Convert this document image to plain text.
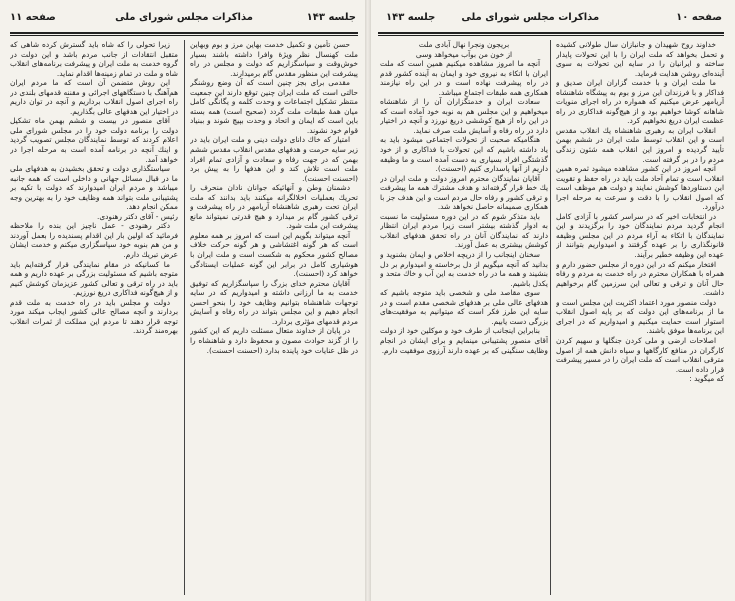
صفحه ۱۱	مذاكرات مجلس شوراى ملى	جلسه ۱۴۳

حسن تأمين و تكميل خدمت بهاين مرز و بوم وبهاين ملت كهنسال نظر ويژهٔ وافرا داشته باشند بسيار خوش‌وقت و سپاسگزاريم كه دولت و مجلس در راه پيشرفت اين منظور مقدس گام برميدارند.

مقدمى براى بجز چنين است كه آن وضع روشنگر حالتى است كه ملت ايران چنين توقع دارند اين جمعيت منتظر تشكيل اجتماعات و وحدت كلمه و يگانگى كامل ميان همهٔ طبقات ملت گردد (صحيح است) همه بسته باين است كه ايمان و اتحاد و وحدت بپيچ شوند و ببنياد قوام خود نشوند.

امتيار كه خاك داناى دولت دينى و ملت ايران بايد در زير سايه حرمت و هدفهاى مقدس انقلاب مقدس ششم بهمن كه در جهت رفاه و سعادت و آزادى تمام افراد ملت است تلاش كند و اين هدفها را به پيش برد (احسنت احسنت).

دشمنان وطن و آنهائيكه جوانان نادان منحرف را تحريك بعمليات اخلالگرانه ميكنند بايد بدانند كه ملت ايران تحت رهبرى شاهنشاه آريامهر در راه پيشرفت و ترقى كشور گام بر ميدارد و هيچ قدرتى نميتواند مانع پيشرفت اين ملت شود.

آنچه ميتواند بگويم اين است كه امروز بر همه معلوم است كه هر گونه اغتشاشى و هر گونه حركت خلاف مصالح كشور محكوم به شكست است و ملت ايران با هوشيارى كامل در برابر اين گونه عمليات ايستادگى خواهد كرد (احسنت).

آقايان محترم خداى بزرگ را سپاسگزاريم كه توفيق خدمت به ما ارزانى داشته و اميدواريم كه در سايه توجهات شاهنشاه بتوانيم وظايف خود را بنحو احسن انجام دهيم و اين مجلس بتواند در راه رفاه و آسايش مردم قدمهاى مؤثرى بردارد.

در پايان از خداوند متعال مسئلت داريم كه اين كشور را از گزند حوادث مصون و محفوظ دارد و شاهنشاه را در ظل عنايات خود پاينده بدارد (احسنت احسنت).

زيرا تحولى را كه شاه بايد گسترش كرده شاهى كه متقبل انتقادات از جانب مردم باشد و اين دولت در گروه خدمت به ملت ايران و پيشرفت برنامه‌هاى انقلاب شاه و ملت در تمام زمينه‌ها اقدام نمايد.

اين روش متضمن آن است كه ما مردم ايران هم‌آهنگ با دستگاههاى اجرائى و مقننه قدمهاى بلندى در راه اجراى اصول انقلاب برداريم و آنچه در توان داريم در اختيار اين هدفهاى عالى بگذاريم.

آقاى منصور در بيست و ششم بهمن ماه تشكيل دولت را برنامه دولت خود را در مجلس شوراى ملى اعلام كردند كه توسط نمايندگان مجلس تصويب گرديد و اينك آنچه در برنامه آمده است به مرحله اجرا در خواهد آمد.

سياستگذارى دولت و تحقق بخشيدن به هدفهاى ملى ما در قبال مسائل جهانى و داخلى است كه همه جانبه ميباشد و مردم ايران اميدوارند كه دولت با تكيه بر پشتيبانى ملت بتواند همه وظايف خود را به بهترين وجه ممكن انجام دهد.

رئيس - آقاى دكتر رهنودى.

دكتر رهنودى - عمل ناچيز اين بنده را ملاحظه فرمائيد كه اولين بار اين اقدام پسنديده را بعمل آوردند و من هم بنوبه خود سپاسگزارى ميكنم و خدمت ايشان عرض تبريك دارم.

ما كسانيكه در مقام نمايندگى قرار گرفته‌ايم بايد متوجه باشيم كه مسئوليت بزرگى بر عهده داريم و همه بايد در راه ترقى و تعالى كشور عزيزمان كوشش كنيم و از هيچ‌گونه فداكارى دريغ نورزيم.

دولت و مجلس بايد در راه خدمت به ملت قدم بردارند و آنچه مصالح عالى كشور ايجاب ميكند مورد توجه قرار دهند تا مردم اين مملكت از ثمرات انقلاب بهره‌مند گردند.

صفحه ۱۰
مذاكرات مجلس شوراى ملى
جلسه ۱۴۳

خداوند روح شهيدان و جانبازان سال طولانى كشيده و تحمل بخواهد كه ملت ايران را با اين تحولات پايدار ساخته و ايرانيان را در سايه اين تحولات به سوى آينده‌اى روشن هدايت فرمايد.

ما ملت ايران و با خدمت گزاران ايران صديق و فداكار و با فرزندان اين مرز و بوم به پيشگاه شاهنشاه آريامهر عرض ميكنيم كه همواره در راه اجراى منويات شاهانه كوشا خواهيم بود و از هيچ‌گونه فداكارى در راه عظمت ايران دريغ نخواهيم كرد.

انقلاب ايران به رهبرى شاهنشاه يك انقلاب مقدس است و اين انقلاب توسط ملت ايران در ششم بهمن تأييد گرديده و امروز اين انقلاب همه شئون زندگى مردم را در بر گرفته است.

آنچه امروز در اين كشور مشاهده ميشود ثمره همين انقلاب است و تمام آحاد ملت بايد در راه حفظ و تقويت اين دستاوردها كوشش نمايند و دولت هم موظف است كه اصول انقلاب را با دقت و سرعت به مرحله اجرا درآورد.

در انتخابات اخير كه در سراسر كشور با آزادى كامل انجام گرديد مردم نمايندگان خود را برگزيدند و اين نمايندگان با اتكاء به آراء مردم در اين مجلس وظيفه قانونگذارى را بر عهده گرفتند و اميدواريم بتوانند از عهده اين وظيفه خطير برآيند.

افتخار ميكنم كه در اين دوره از مجلس حضور دارم و همراه با همكاران محترم در راه خدمت به مردم و رفاه حال آنان و ترقى و تعالى اين سرزمين گام برخواهيم داشت.

دولت منصور مورد اعتماد اكثريت اين مجلس است و ما از برنامه‌هاى اين دولت كه بر پايه اصول انقلاب استوار است حمايت ميكنيم و اميدواريم كه در اجراى اين برنامه‌ها موفق باشند.

اصلاحات ارضى و ملى كردن جنگلها و سهيم كردن كارگران در منافع كارگاهها و سپاه دانش همه از اصول مترقى انقلاب است كه ملت ايران را در مسير پيشرفت قرار داده است.

كه ميگويد :

بريجون ونجرا نهال آبادى ملت

از خون من بوآب ميخواهد وسى

آنچه ما امروز مشاهده ميكنيم همين است كه ملت ايران با اتكاء به نيروى خود و ايمان به آينده كشور قدم در راه پيشرفت نهاده است و در اين راه نيازمند همكارى همه طبقات اجتماع ميباشد.

سعادت ايران و خدمتگزاران آن را از شاهنشاه ميخواهيم و اين مجلس هم به نوبه خود آماده است كه در اين راه از هيچ كوششى دريغ نورزد و آنچه در اختيار دارد در راه رفاه و آسايش ملت صرف نمايد.

هنگاميكه صحبت از تحولات اجتماعى ميشود بايد به ياد داشته باشيم كه اين تحولات با فداكارى و از خود گذشتگى افراد بسيارى به دست آمده است و ما وظيفه داريم از آنها پاسدارى كنيم (احسنت).

آقايان نمايندگان محترم امروز دولت و ملت ايران در يك خط قرار گرفته‌اند و هدف مشترك همه ما پيشرفت و ترقى كشور و رفاه حال مردم است و اين هدف جز با همكارى صميمانه حاصل نخواهد شد.

بايد متذكر شوم كه در اين دوره مسئوليت ما نسبت به ادوار گذشته بيشتر است زيرا مردم ايران انتظار دارند كه نمايندگان آنان در راه تحقق هدفهاى انقلاب كوشش بيشترى به عمل آورند.

سخنان اينجانب را از دريچه اخلاص و ايمان بشنويد و بدانيد كه آنچه ميگويم از دل برخاسته و اميدوارم بر دل بنشيند و همه ما در راه خدمت به اين آب و خاك متحد و يكدل باشيم.

سوى مقاصد ملى و شخصى بايد متوجه باشيم كه هدفهاى عالى ملى بر هدفهاى شخصى مقدم است و در سايه اين طرز فكر است كه ميتوانيم به موفقيت‌هاى بزرگى دست يابيم.

بنابراين اينجانب از طرف خود و موكلين خود از دولت آقاى منصور پشتيبانى مينمايم و براى ايشان در انجام وظايف سنگينى كه بر عهده دارند آرزوى موفقيت دارم.
